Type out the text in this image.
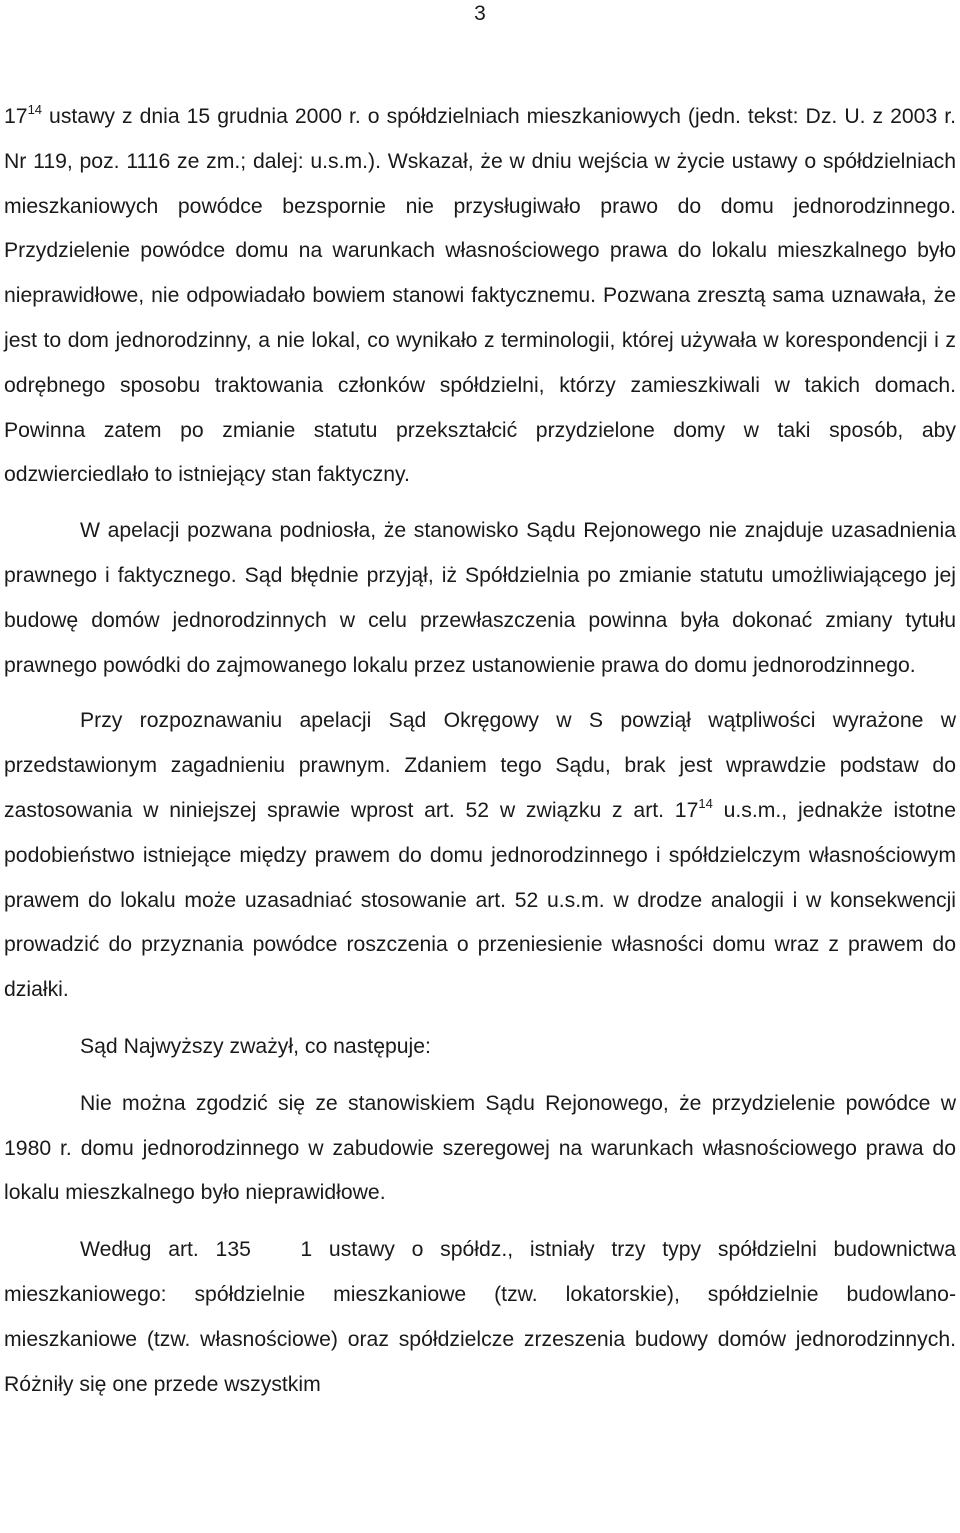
3

$17^{14}$ ustawy z dnia 15 grudnia 2000 r. o spółdzielniach mieszkaniowych (jedn. tekst: Dz. U. z 2003 r. Nr 119, poz. 1116 ze zm.; dalej: u.s.m.). Wskazał, że w dniu wejścia w życie ustawy o spółdzielniach mieszkaniowych powódce bezspornie nie przysługiwało prawo do domu jednorodzinnego. Przydzielenie powódce domu na warunkach własnościowego prawa do lokalu mieszkalnego było nieprawidłowe, nie odpowiadało bowiem stanowi faktycznemu. Pozwana zresztą sama uznawała, że jest to dom jednorodzinny, a nie lokal, co wynikało z terminologii, której używała w korespondencji i z odrębnego sposobu traktowania członków spółdzielni, którzy zamieszkiwali w takich domach. Powinna zatem po zmianie statutu przekształcić przydzielone domy w taki sposób, aby odzwierciedlało to istniejący stan faktyczny.

W apelacji pozwana podniosła, że stanowisko Sądu Rejonowego nie znajduje uzasadnienia prawnego i faktycznego. Sąd błędnie przyjął, iż Spółdzielnia po zmianie statutu umożliwiającego jej budowę domów jednorodzinnych w celu przewłaszczenia powinna była dokonać zmiany tytułu prawnego powódki do zajmowanego lokalu przez ustanowienie prawa do domu jednorodzinnego.

Przy rozpoznawaniu apelacji Sąd Okręgowy w S powziął wątpliwości wyrażone w przedstawionym zagadnieniu prawnym. Zdaniem tego Sądu, brak jest wprawdzie podstaw do zastosowania w niniejszej sprawie wprost art. 52 w związku z art. $17^{14}$ u.s.m., jednakże istotne podobieństwo istniejące między prawem do domu jednorodzinnego i spółdzielczym własnościowym prawem do lokalu może uzasadniać stosowanie art. 52 u.s.m. w drodze analogii i w konsekwencji prowadzić do przyznania powódce roszczenia o przeniesienie własności domu wraz z prawem do działki.

Sąd Najwyższy zważył, co następuje:

Nie można zgodzić się ze stanowiskiem Sądu Rejonowego, że przydzielenie powódce w 1980 r. domu jednorodzinnego w zabudowie szeregowej na warunkach własnościowego prawa do lokalu mieszkalnego było nieprawidłowe.

Według art. 135 1 ustawy o spółdz., istniały trzy typy spółdzielni budownictwa mieszkaniowego: spółdzielnie mieszkaniowe (tzw. lokatorskie), spółdzielnie budowlano-mieszkaniowe (tzw. własnościowe) oraz spółdzielcze zrzeszenia budowy domów jednorodzinnych. Różniły się one przede wszystkim
